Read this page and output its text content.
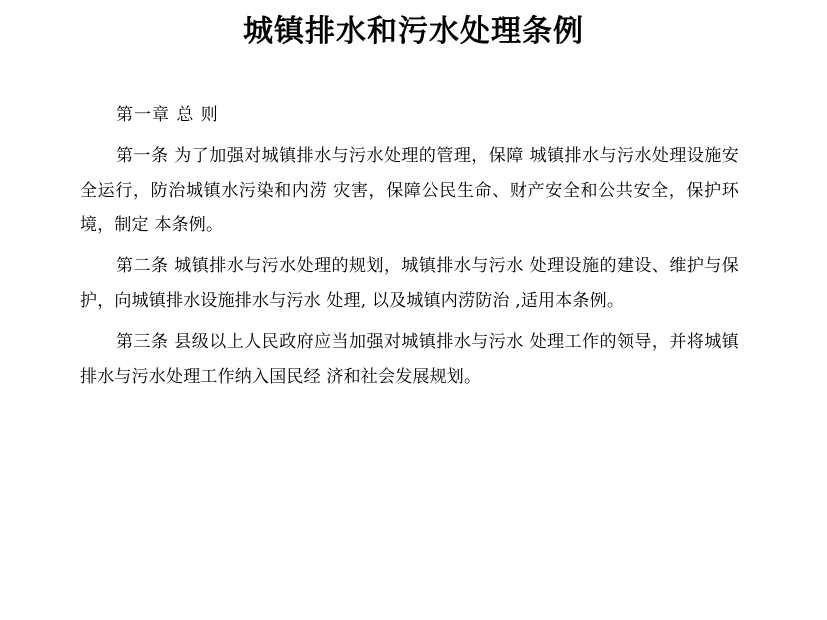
城镇排水和污水处理条例

第一章 总 则

第一条 为了加强对城镇排水与污水处理的管理，保障 城镇排水与污水处理设施安全运行，防治城镇水污染和内涝 灾害，保障公民生命、财产安全和公共安全，保护环境，制定 本条例。

第二条 城镇排水与污水处理的规划，城镇排水与污水 处理设施的建设、维护与保护，向城镇排水设施排水与污水 处理, 以及城镇内涝防治 ,适用本条例。

第三条 县级以上人民政府应当加强对城镇排水与污水 处理工作的领导，并将城镇排水与污水处理工作纳入国民经 济和社会发展规划。
